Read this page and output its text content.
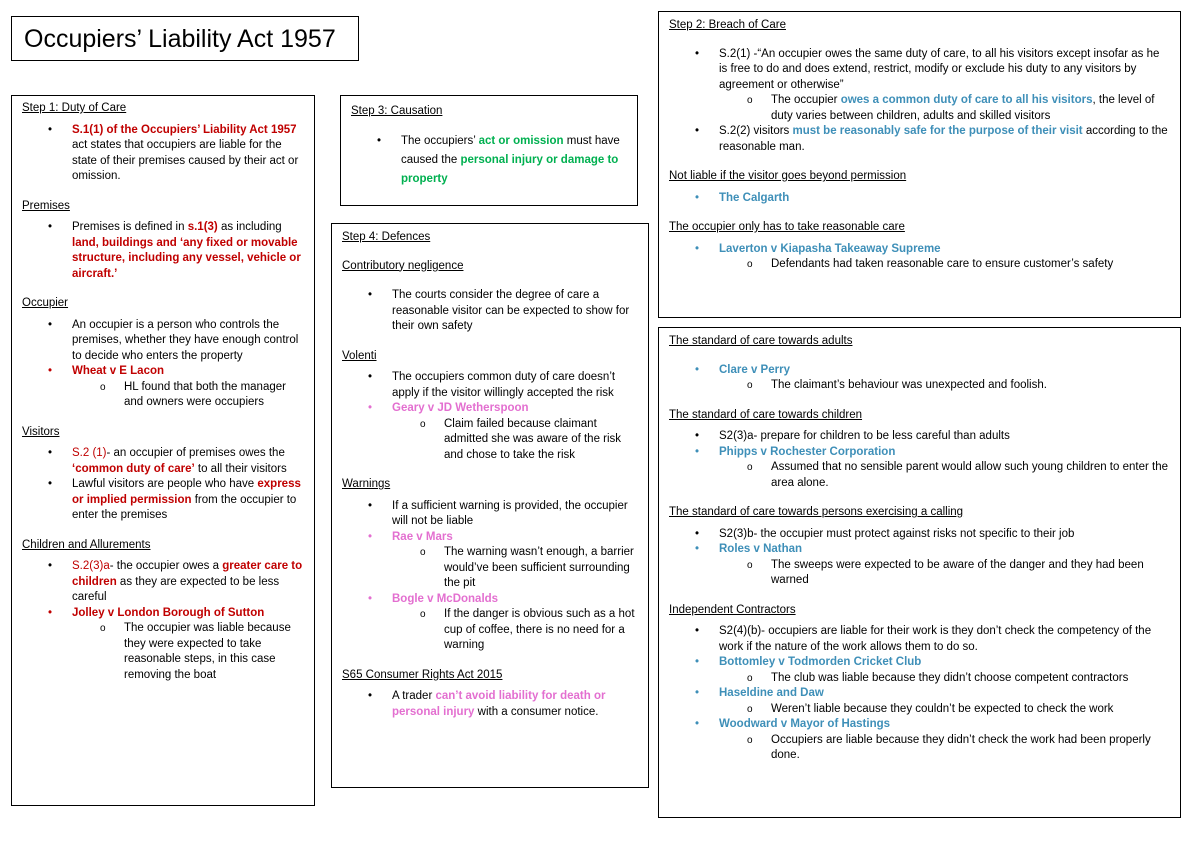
Occupiers’ Liability Act 1957
Step 1: Duty of Care
• S.1(1) of the Occupiers’ Liability Act 1957 act states that occupiers are liable for the state of their premises caused by their act or omission.
Premises
• Premises is defined in s.1(3) as including land, buildings and ‘any fixed or movable structure, including any vessel, vehicle or aircraft.’
Occupier
• An occupier is a person who controls the premises, whether they have enough control to decide who enters the property
• Wheat v E Lacon
o HL found that both the manager and owners were occupiers
Visitors
• S.2 (1)- an occupier of premises owes the ‘common duty of care’ to all their visitors
• Lawful visitors are people who have express or implied permission from the occupier to enter the premises
Children and Allurements
• S.2(3)a- the occupier owes a greater care to children as they are expected to be less careful
• Jolley v London Borough of Sutton
o The occupier was liable because they were expected to take reasonable steps, in this case removing the boat
Step 3: Causation
• The occupiers’ act or omission must have caused the personal injury or damage to property
Step 4: Defences
Contributory negligence
• The courts consider the degree of care a reasonable visitor can be expected to show for their own safety
Volenti
• The occupiers common duty of care doesn’t apply if the visitor willingly accepted the risk
• Geary v JD Wetherspoon
o Claim failed because claimant admitted she was aware of the risk and chose to take the risk
Warnings
• If a sufficient warning is provided, the occupier will not be liable
• Rae v Mars
o The warning wasn’t enough, a barrier would’ve been sufficient surrounding the pit
• Bogle v McDonalds
o If the danger is obvious such as a hot cup of coffee, there is no need for a warning
S65 Consumer Rights Act 2015
• A trader can’t avoid liability for death or personal injury with a consumer notice.
Step 2: Breach of Care
• S.2(1) -“An occupier owes the same duty of care, to all his visitors except insofar as he is free to do and does extend, restrict, modify or exclude his duty to any visitors by agreement or otherwise”
o The occupier owes a common duty of care to all his visitors, the level of duty varies between children, adults and skilled visitors
• S.2(2) visitors must be reasonably safe for the purpose of their visit according to the reasonable man.
Not liable if the visitor goes beyond permission
• The Calgarth
The occupier only has to take reasonable care
• Laverton v Kiapasha Takeaway Supreme
o Defendants had taken reasonable care to ensure customer’s safety
The standard of care towards adults
• Clare v Perry
o The claimant’s behaviour was unexpected and foolish.
The standard of care towards children
• S2(3)a- prepare for children to be less careful than adults
• Phipps v Rochester Corporation
o Assumed that no sensible parent would allow such young children to enter the area alone.
The standard of care towards persons exercising a calling
• S2(3)b- the occupier must protect against risks not specific to their job
• Roles v Nathan
o The sweeps were expected to be aware of the danger and they had been warned
Independent Contractors
• S2(4)(b)- occupiers are liable for their work is they don’t check the competency of the work if the nature of the work allows them to do so.
• Bottomley v Todmorden Cricket Club
o The club was liable because they didn’t choose competent contractors
• Haseldine and Daw
o Weren’t liable because they couldn’t be expected to check the work
• Woodward v Mayor of Hastings
o Occupiers are liable because they didn’t check the work had been properly done.
